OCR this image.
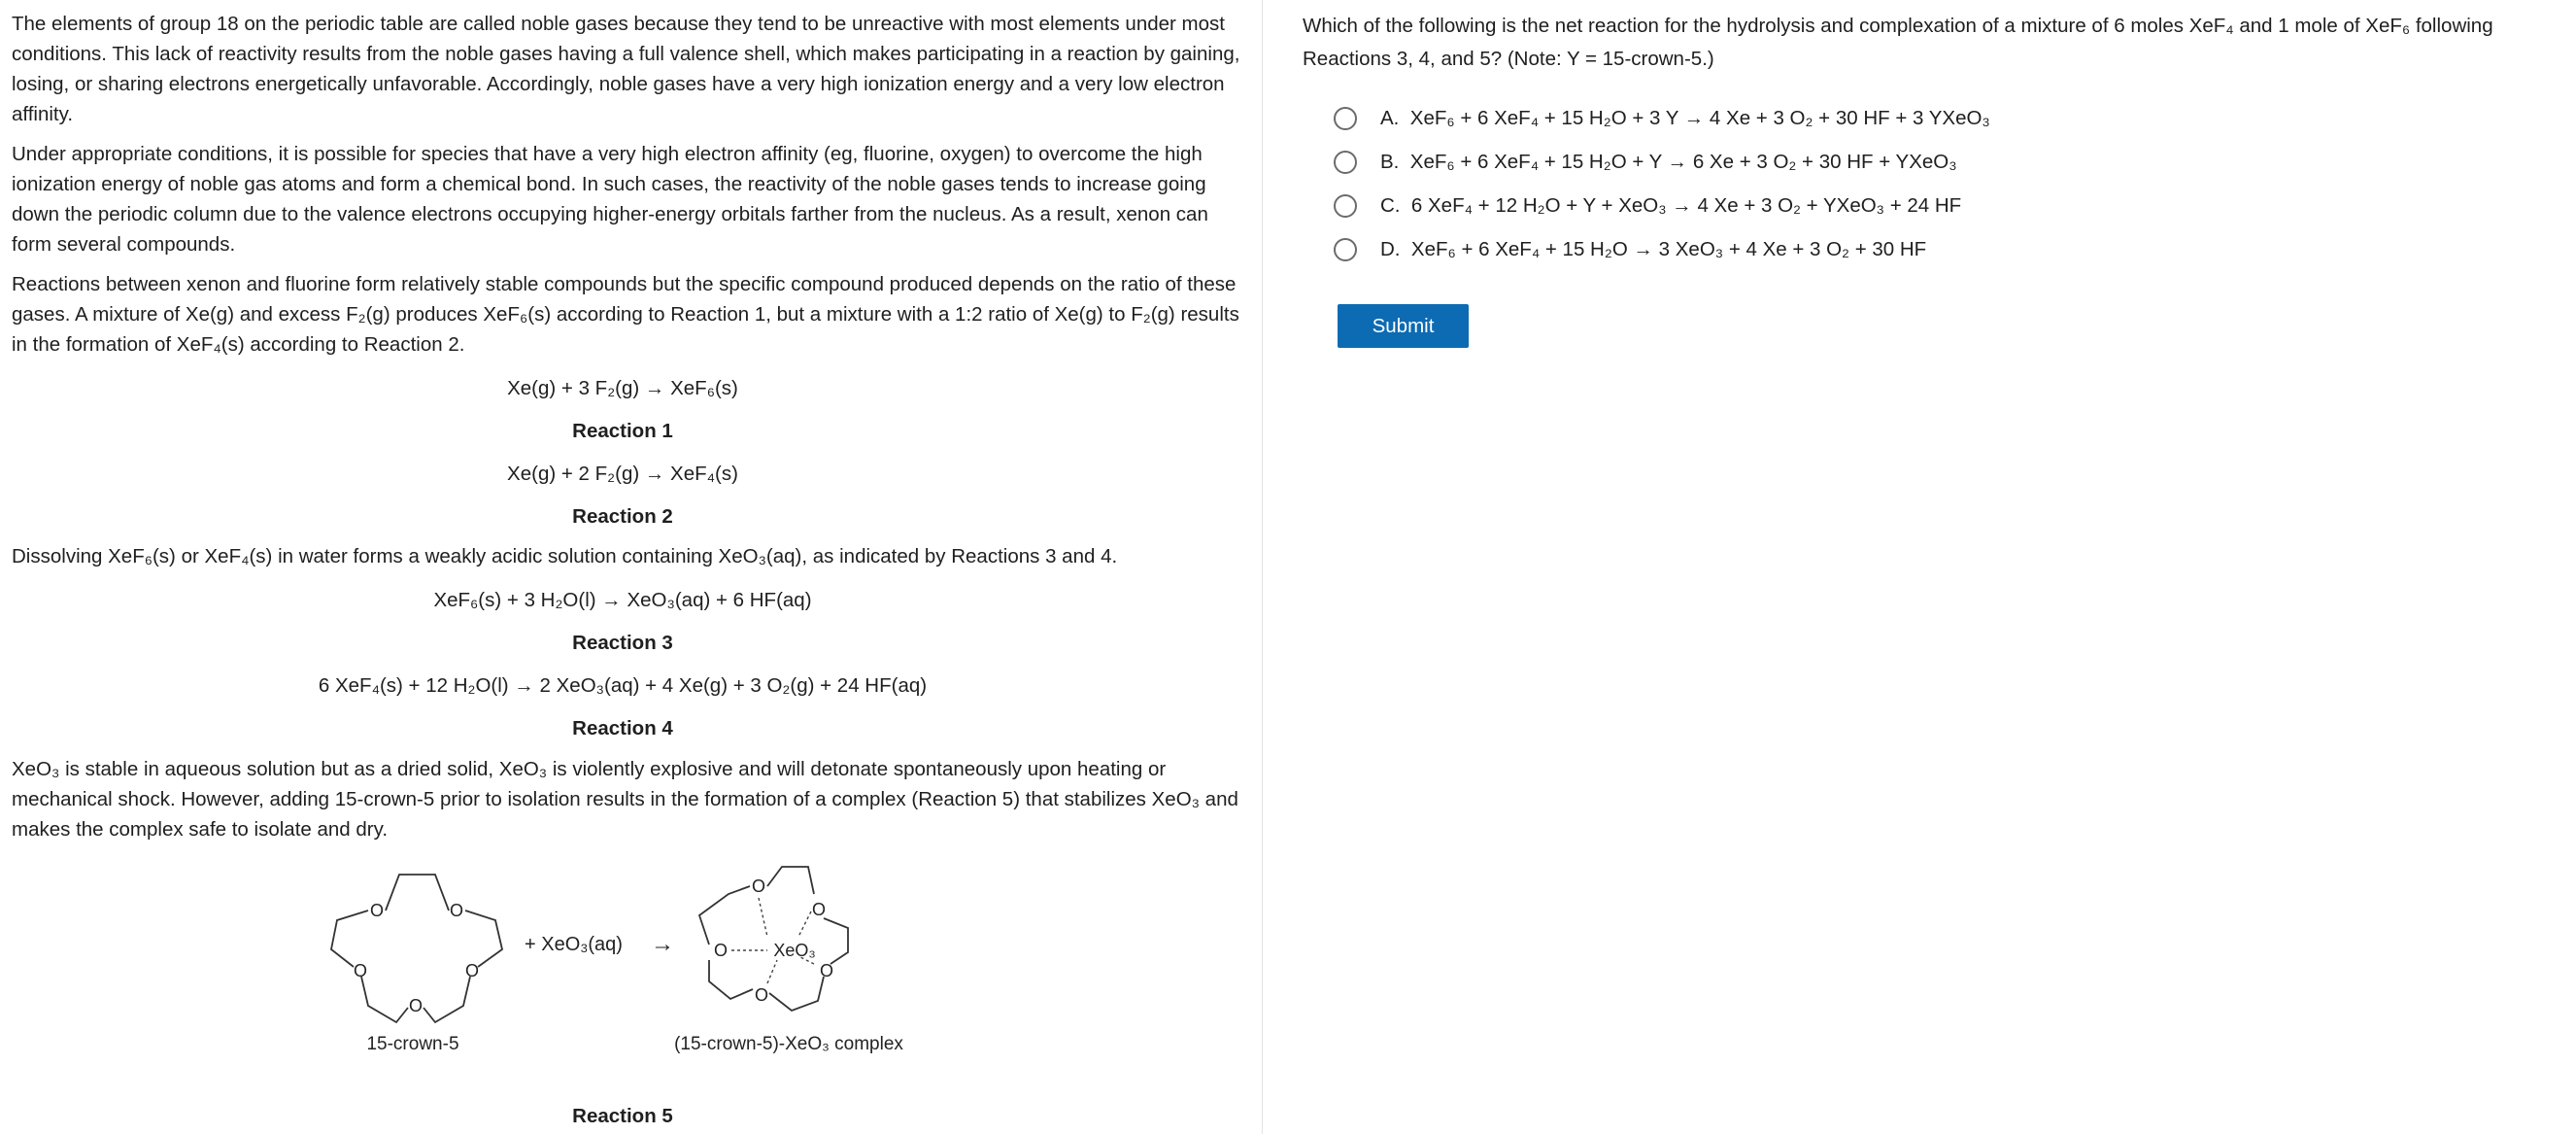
The elements of group 18 on the periodic table are called noble gases because they tend to be unreactive with most elements under most conditions. This lack of reactivity results from the noble gases having a full valence shell, which makes participating in a reaction by gaining, losing, or sharing electrons energetically unfavorable. Accordingly, noble gases have a very high ionization energy and a very low electron affinity.

Under appropriate conditions, it is possible for species that have a very high electron affinity (eg, fluorine, oxygen) to overcome the high ionization energy of noble gas atoms and form a chemical bond. In such cases, the reactivity of the noble gases tends to increase going down the periodic column due to the valence electrons occupying higher-energy orbitals farther from the nucleus. As a result, xenon can form several compounds.

Reactions between xenon and fluorine form relatively stable compounds but the specific compound produced depends on the ratio of these gases. A mixture of Xe(g) and excess F₂(g) produces XeF₆(s) according to Reaction 1, but a mixture with a 1:2 ratio of Xe(g) to F₂(g) results in the formation of XeF₄(s) according to Reaction 2.

Xe(g) + 3 F₂(g) → XeF₆(s)
Reaction 1
Xe(g) + 2 F₂(g) → XeF₄(s)
Reaction 2

Dissolving XeF₆(s) or XeF₄(s) in water forms a weakly acidic solution containing XeO₃(aq), as indicated by Reactions 3 and 4.

XeF₆(s) + 3 H₂O(l) → XeO₃(aq) + 6 HF(aq)
Reaction 3
6 XeF₄(s) + 12 H₂O(l) → 2 XeO₃(aq) + 4 Xe(g) + 3 O₂(g) + 24 HF(aq)
Reaction 4

XeO₃ is stable in aqueous solution but as a dried solid, XeO₃ is violently explosive and will detonate spontaneously upon heating or mechanical shock. However, adding 15-crown-5 prior to isolation results in the formation of a complex (Reaction 5) that stabilizes XeO₃ and makes the complex safe to isolate and dry.

O	O
O
O
O
15-crown-5
+ XeO₃(aq) → O
O
O
O
O
XeO₃
(15-crown-5)-XeO₃ complex
Reaction 5
Which of the following is the net reaction for the hydrolysis and complexation of a mixture of 6 moles XeF₄ and 1 mole of XeF₆ following Reactions 3, 4, and 5? (Note: Y = 15-crown-5.)
A. XeF₆ + 6 XeF₄ + 15 H₂O + 3 Y → 4 Xe + 3 O₂ + 30 HF + 3 YXeO₃
B. XeF₆ + 6 XeF₄ + 15 H₂O + Y → 6 Xe + 3 O₂ + 30 HF + YXeO₃
C. 6 XeF₄ + 12 H₂O + Y + XeO₃ → 4 Xe + 3 O₂ + YXeO₃ + 24 HF
D. XeF₆ + 6 XeF₄ + 15 H₂O → 3 XeO₃ + 4 Xe + 3 O₂ + 30 HF
Submit
